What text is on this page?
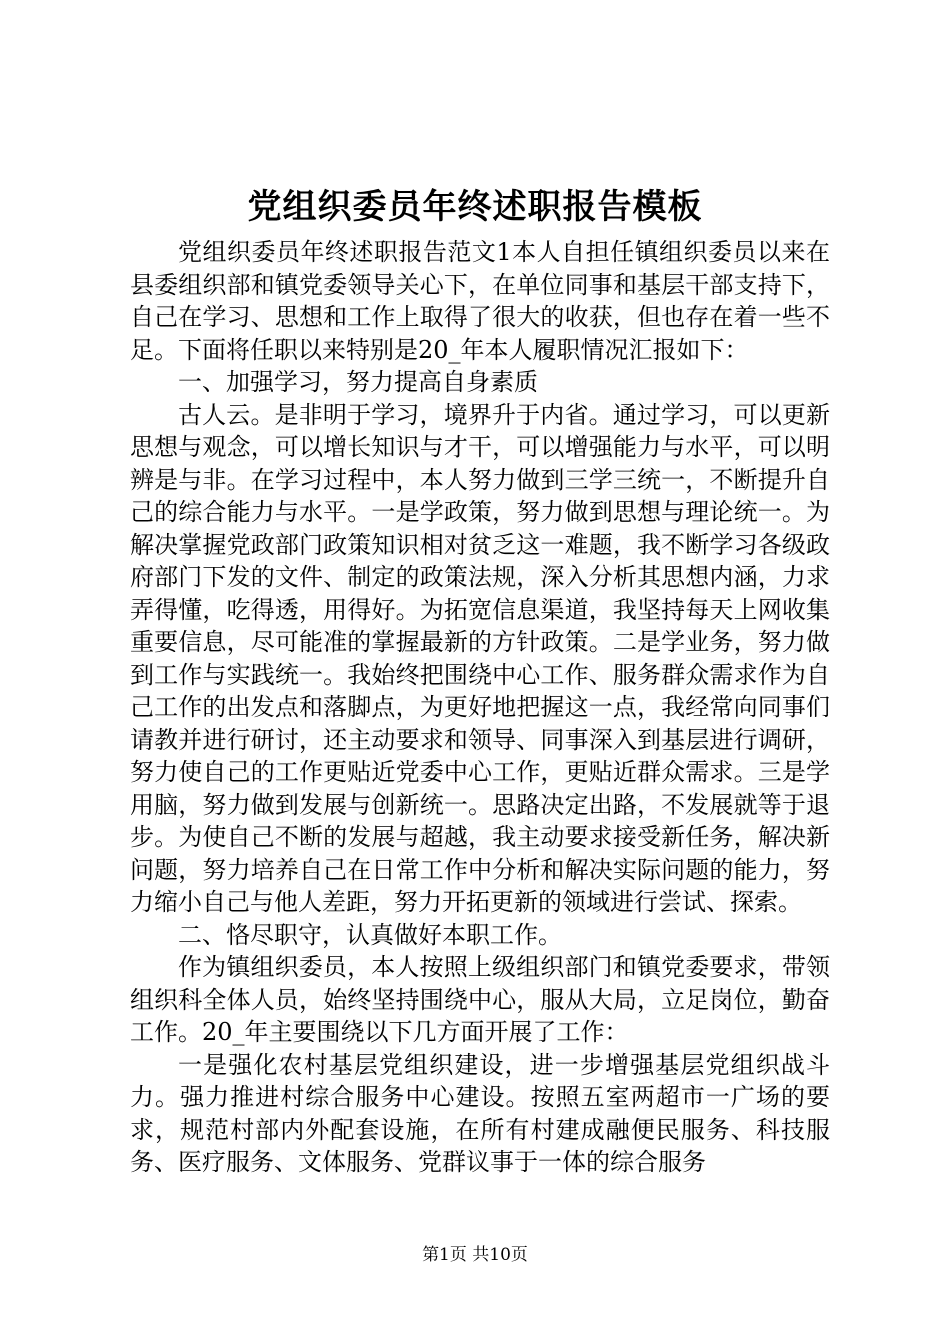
党组织委员年终述职报告模板

党组织委员年终述职报告范文1本人自担任镇组织委员以来在县委组织部和镇党委领导关心下，在单位同事和基层干部支持下，自己在学习、思想和工作上取得了很大的收获，但也存在着一些不足。下面将任职以来特别是20_年本人履职情况汇报如下：

一、加强学习，努力提高自身素质

古人云。是非明于学习，境界升于内省。通过学习，可以更新思想与观念，可以增长知识与才干，可以增强能力与水平，可以明辨是与非。在学习过程中，本人努力做到三学三统一，不断提升自己的综合能力与水平。一是学政策，努力做到思想与理论统一。为解决掌握党政部门政策知识相对贫乏这一难题，我不断学习各级政府部门下发的文件、制定的政策法规，深入分析其思想内涵，力求弄得懂，吃得透，用得好。为拓宽信息渠道，我坚持每天上网收集重要信息，尽可能准的掌握最新的方针政策。二是学业务，努力做到工作与实践统一。我始终把围绕中心工作、服务群众需求作为自己工作的出发点和落脚点，为更好地把握这一点，我经常向同事们请教并进行研讨，还主动要求和领导、同事深入到基层进行调研，努力使自己的工作更贴近党委中心工作，更贴近群众需求。三是学用脑，努力做到发展与创新统一。思路决定出路，不发展就等于退步。为使自己不断的发展与超越，我主动要求接受新任务，解决新问题，努力培养自己在日常工作中分析和解决实际问题的能力，努力缩小自己与他人差距，努力开拓更新的领域进行尝试、探索。

二、恪尽职守，认真做好本职工作。

作为镇组织委员，本人按照上级组织部门和镇党委要求，带领组织科全体人员，始终坚持围绕中心，服从大局，立足岗位，勤奋工作。20_年主要围绕以下几方面开展了工作：

一是强化农村基层党组织建设，进一步增强基层党组织战斗力。强力推进村综合服务中心建设。按照五室两超市一广场的要求，规范村部内外配套设施，在所有村建成融便民服务、科技服务、医疗服务、文体服务、党群议事于一体的综合服务

第1页 共10页
